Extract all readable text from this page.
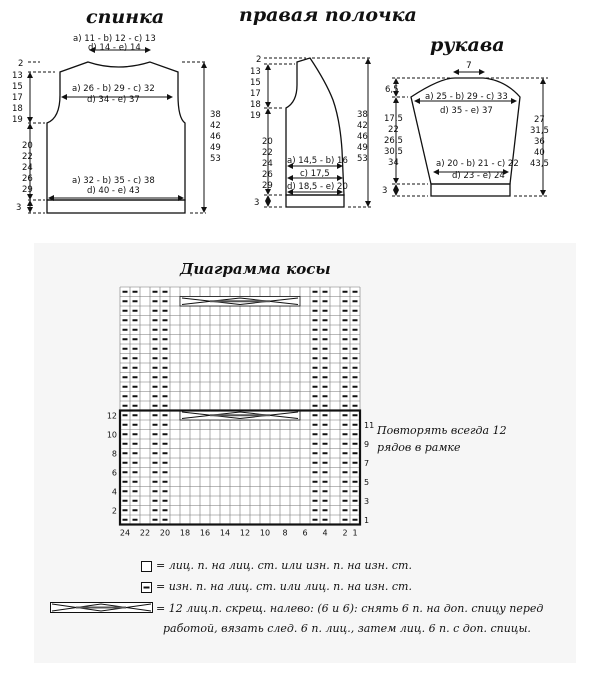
спинка	правая полочка
рукава
a) 11 - b) 12 - c) 13
d) 14 - e) 14
a) 26 - b) 29 - c) 32
d) 34 - e) 37
a) 32 - b) 35 - c) 38
d) 40 - e) 43
2
13
15
17
18
19
20
22
24
26
29
3
38
42
46
49
53
2
13
15
17
18
19
20
22
24
26
29
3
a) 14,5 - b) 16
c) 17,5
d) 18,5 - e) 20
38
42
46
49
53
7
6,5
a) 25 - b) 29 - c) 33
d) 35 - e) 37
17,5
22
26,5
30,5
34	a) 20 - b) 21 - c) 22
d) 23 - e) 24
3
27
31,5
36
40
43,5
Диаграмма косы
12
10
8
6
4
2
11
9
7
5
3
1
24 22 20 18 16 14 12 10 8 6 4 2 1
Повторять всегда 12
рядов в рамке
= лиц. п. на лиц. ст. или изн. п. на изн. ст.
= изн. п. на лиц. ст. или лиц. п. на изн. ст.
= 12 лиц.п. скрещ. налево: (6 и 6): снять 6 п. на доп. спицу перед
работой, вязать след. 6 п. лиц., затем лиц. 6 п. с доп. спицы.
